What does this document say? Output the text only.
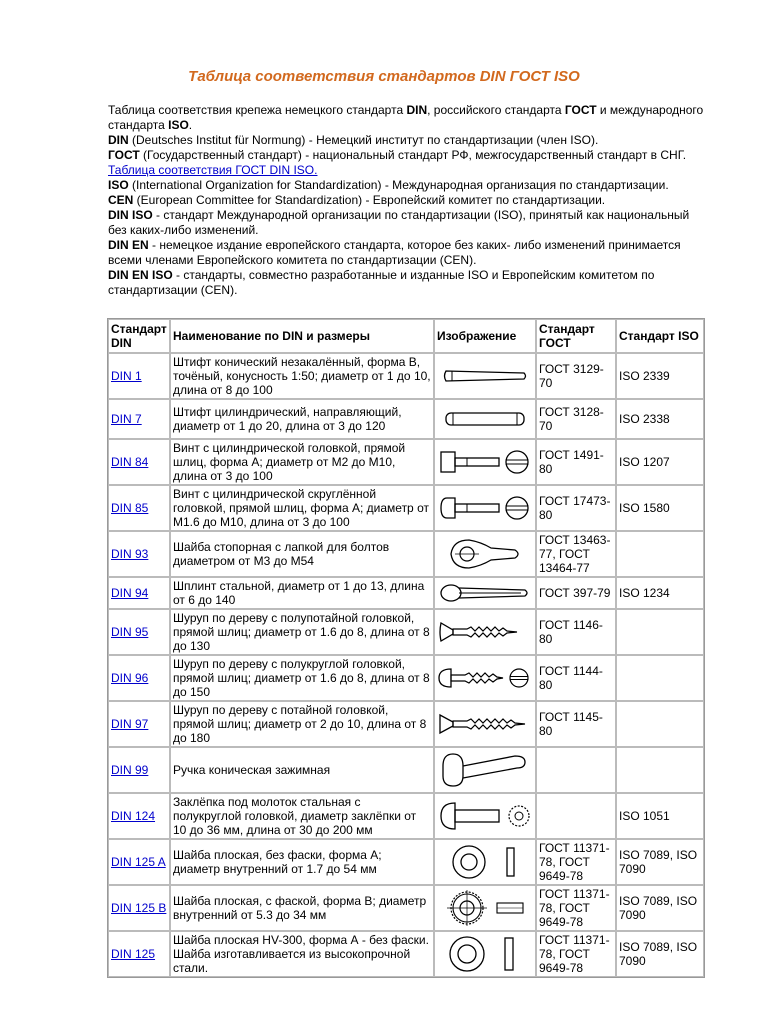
Таблица соответствия стандартов DIN ГОСТ ISO

Таблица соответствия крепежа немецкого стандарта DIN, российского стандарта ГОСТ и международного стандарта ISO.

DIN (Deutsches Institut für Normung) - Немецкий институт по стандартизации (член ISO).

ГОСТ (Государственный стандарт) - национальный стандарт РФ, межгосударственный стандарт в СНГ. Таблица соответствия ГОСТ DIN ISO.

ISO (International Organization for Standardization) - Международная организация по стандартизации.

CEN (European Committee for Standardization) - Европейский комитет по стандартизации.

DIN ISO - стандарт Международной организации по стандартизации (ISO), принятый как национальный без каких-либо изменений.

DIN EN - немецкое издание европейского стандарта, которое без каких- либо изменений принимается всеми членами Европейского комитета по стандартизации (CEN).

DIN EN ISO - стандарты, совместно разработанные и изданные ISO и Европейским комитетом по стандартизации (CEN).

Стандарт DIN	Наименование по DIN и размеры	Изображение	Стандарт ГОСТ	Стандарт ISO
DIN 1	Штифт конический незакалённый, форма B, точёный, конусность 1:50; диаметр от 1 до 10, длина от 8 до 100		ГОСТ 3129-70	ISO 2339
DIN 7	Штифт цилиндрический, направляющий, диаметр от 1 до 20, длина от 3 до 120		ГОСТ 3128-70	ISO 2338
DIN 84	Винт с цилиндрической головкой, прямой шлиц, форма А; диаметр от M2 до M10, длина от 3 до 100		ГОСТ 1491-80	ISO 1207
DIN 85	Винт с цилиндрической скруглённой головкой, прямой шлиц, форма А; диаметр от M1.6 до M10, длина от 3 до 100		ГОСТ 17473-80	ISO 1580
DIN 93	Шайба стопорная с лапкой для болтов диаметром от M3 до M54		ГОСТ 13463-77, ГОСТ 13464-77	
DIN 94	Шплинт стальной, диаметр от 1 до 13, длина от 6 до 140		ГОСТ 397-79	ISO 1234
DIN 95	Шуруп по дереву с полупотайной головкой, прямой шлиц; диаметр от 1.6 до 8, длина от 8 до 130		ГОСТ 1146-80	
DIN 96	Шуруп по дереву с полукруглой головкой, прямой шлиц; диаметр от 1.6 до 8, длина от 8 до 150		ГОСТ 1144-80	
DIN 97	Шуруп по дереву с потайной головкой, прямой шлиц; диаметр от 2 до 10, длина от 8 до 180		ГОСТ 1145-80	
DIN 99	Ручка коническая зажимная	

DIN 124	Заклёпка под молоток стальная с полукруглой головкой, диаметр заклёпки от 10 до 36 мм, длина от 30 до 200 мм			ISO 1051
DIN 125 A	Шайба плоская, без фаски, форма А; диаметр внутренний от 1.7 до 54 мм		ГОСТ 11371-78, ГОСТ 9649-78	ISO 7089, ISO 7090
DIN 125 B	Шайба плоская, с фаской, форма В; диаметр внутренний от 5.3 до 34 мм		ГОСТ 11371-78, ГОСТ 9649-78	ISO 7089, ISO 7090
DIN 125	Шайба плоская HV-300, форма А - без фаски. Шайба изготавливается из высокопрочной стали.		ГОСТ 11371-78, ГОСТ 9649-78	ISO 7089, ISO 7090
